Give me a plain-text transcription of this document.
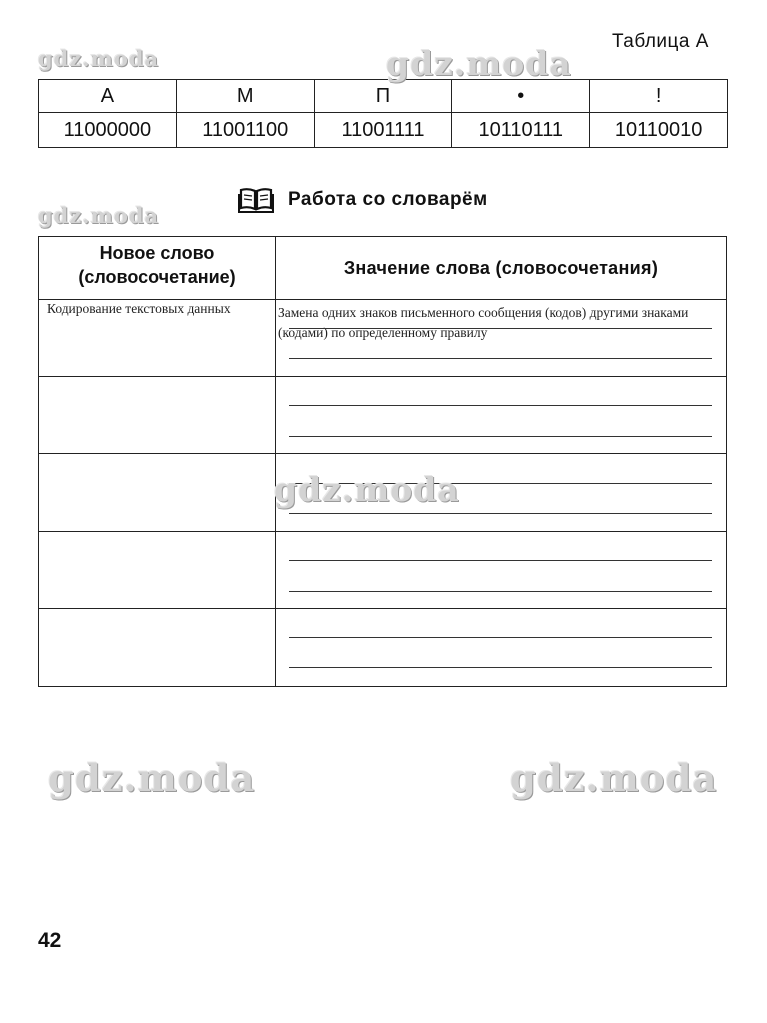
Таблица А
А	М	П	•	!
11000000	11001100	11001111	10110111	10110010
Работа со словарём
Новое слово
(словосочетание)	Значение слова (словосочетания)
Кодирование текстовых данных	Замена одних знаков письменного сообщения (кодов) другими знаками (кодами) по определенному правилу
gdz.moda	gdz.moda
gdz.moda
gdz.moda
gdz.moda	gdz.moda
42
